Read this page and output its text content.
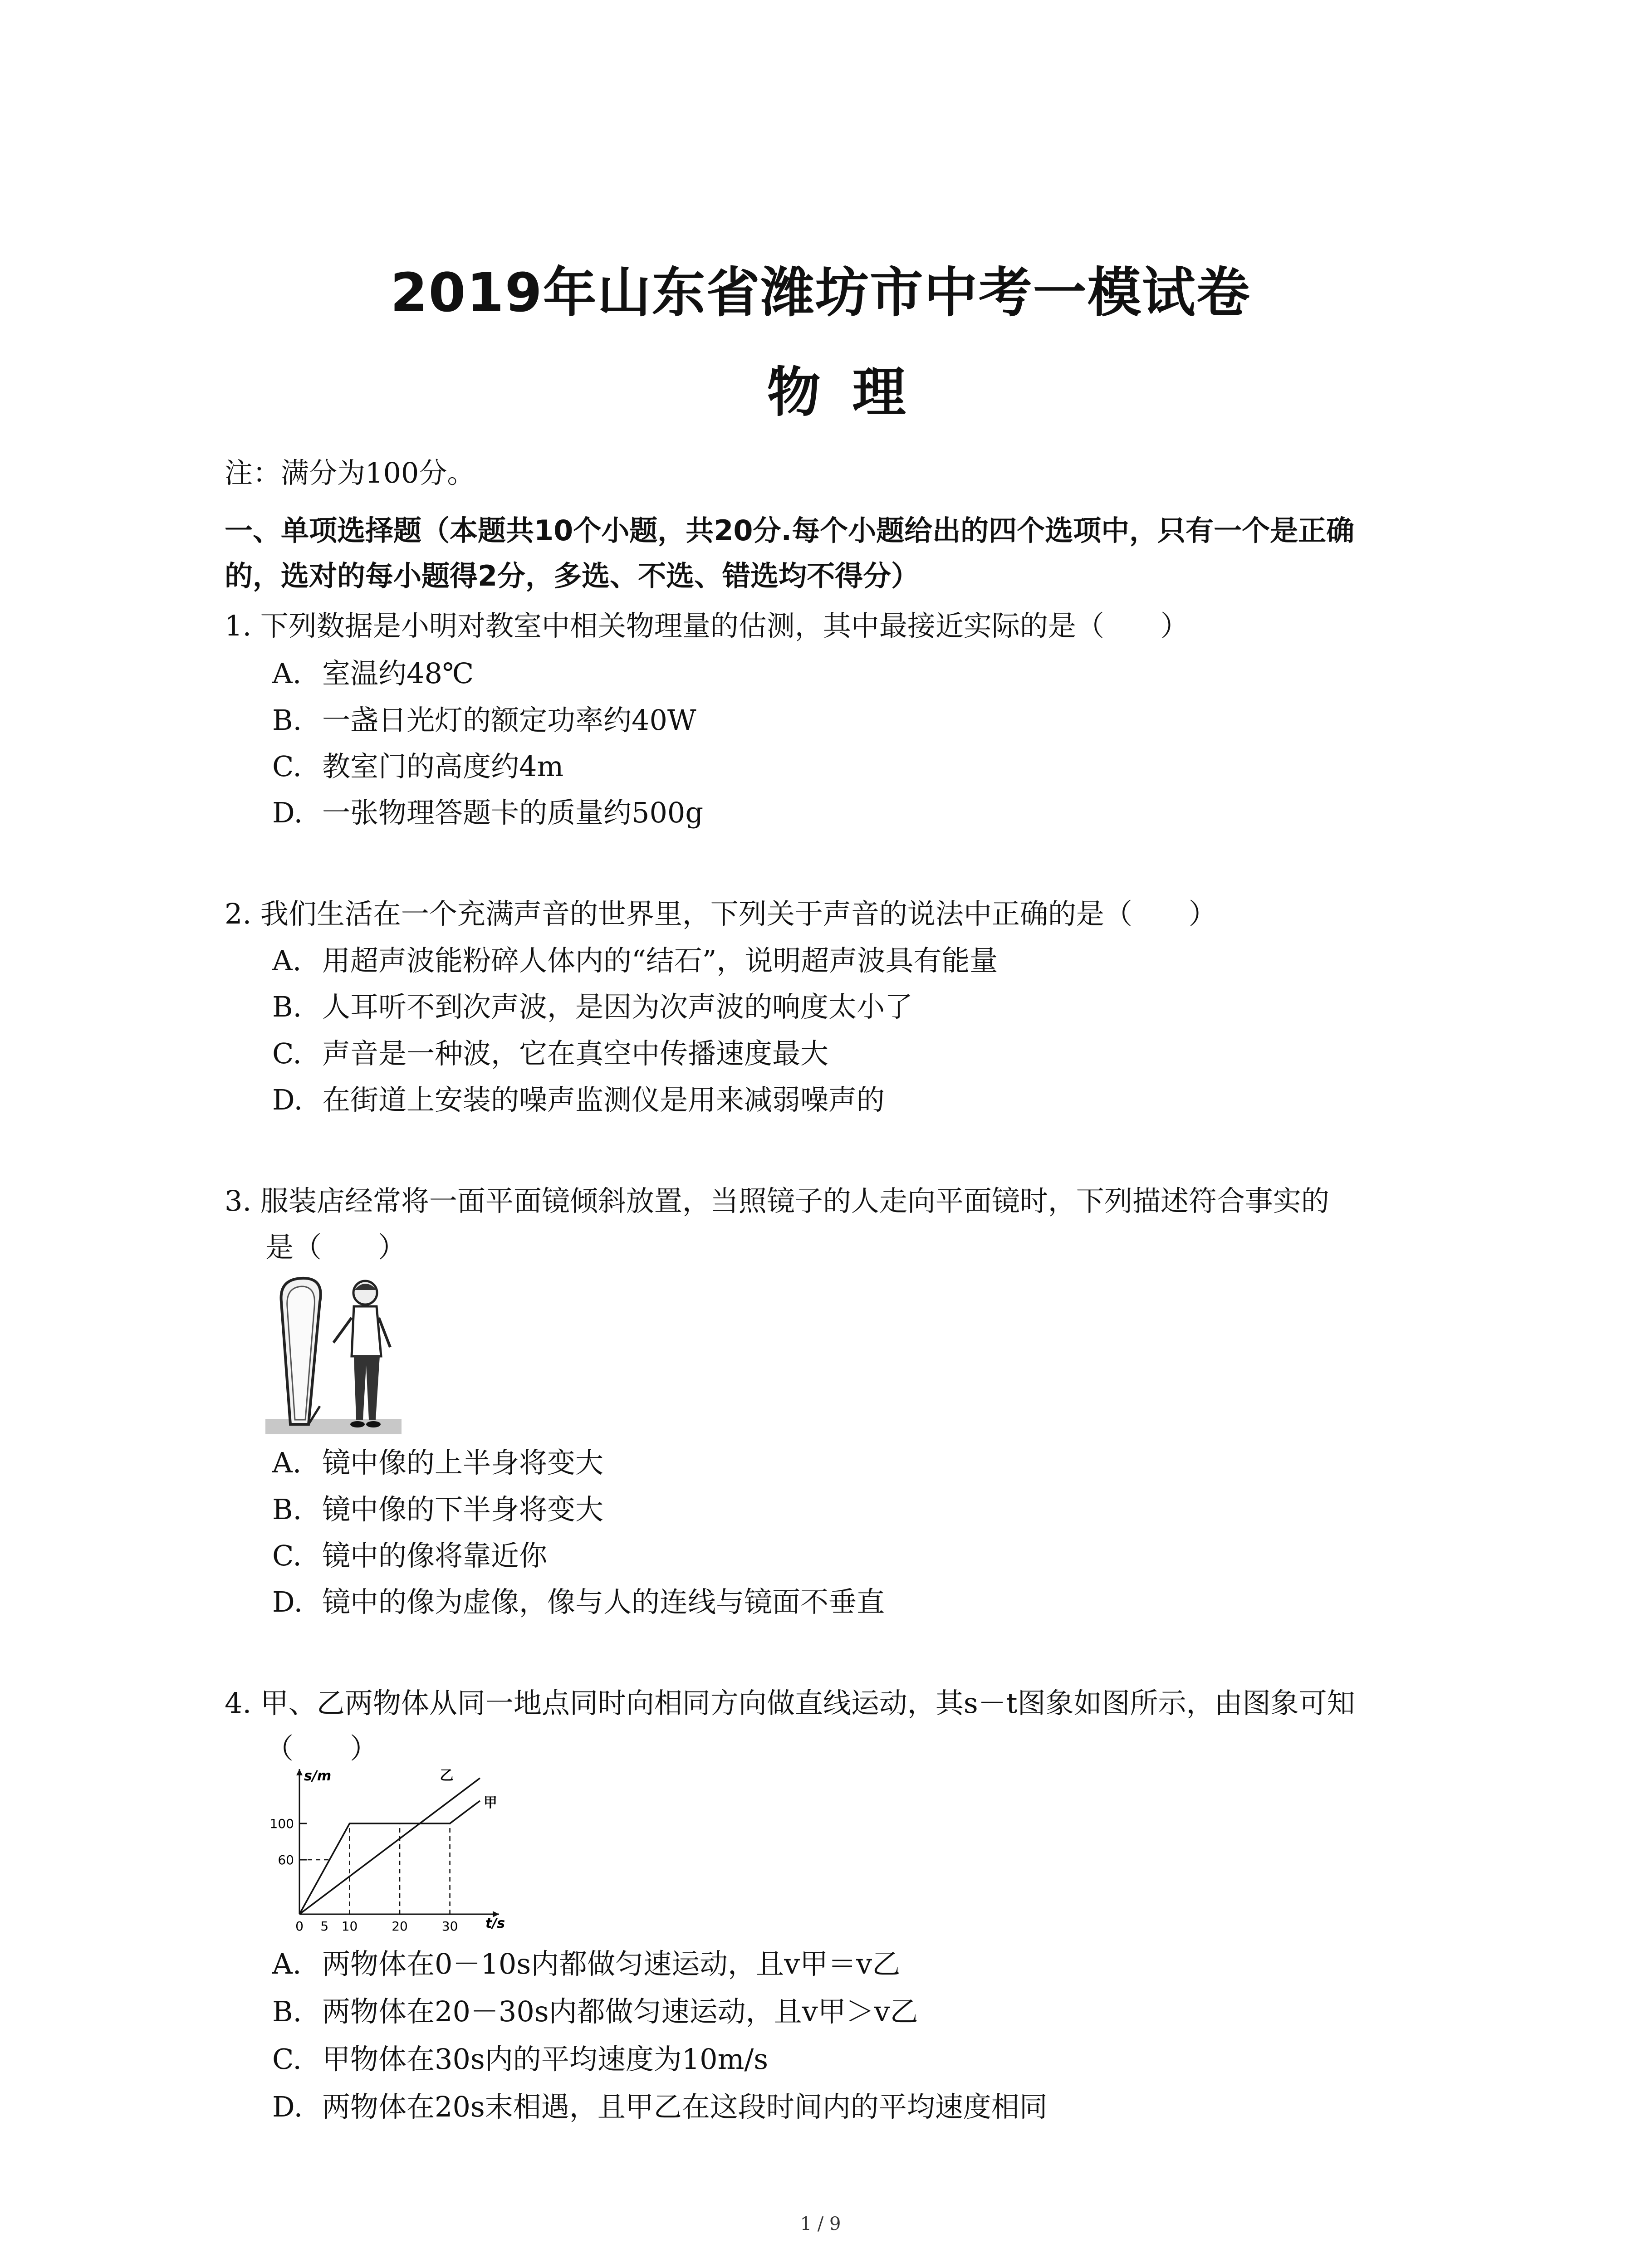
2019年山东省潍坊市中考一模试卷
物理
注：满分为100分。
一、单项选择题（本题共10个小题，共20分.每个小题给出的四个选项中，只有一个是正确
的，选对的每小题得2分，多选、不选、错选均不得分）
1. 下列数据是小明对教室中相关物理量的估测，其中最接近实际的是（　　）
A. 室温约48℃
B. 一盏日光灯的额定功率约40W
C. 教室门的高度约4m
D. 一张物理答题卡的质量约500g
2. 我们生活在一个充满声音的世界里，下列关于声音的说法中正确的是（　　）
A. 用超声波能粉碎人体内的“结石”，说明超声波具有能量
B. 人耳听不到次声波，是因为次声波的响度太小了
C. 声音是一种波，它在真空中传播速度最大
D. 在街道上安装的噪声监测仪是用来减弱噪声的
3. 服装店经常将一面平面镜倾斜放置，当照镜子的人走向平面镜时，下列描述符合事实的
是（　　）
A. 镜中像的上半身将变大
B. 镜中像的下半身将变大
C. 镜中的像将靠近你
D. 镜中的像为虚像，像与人的连线与镜面不垂直
4. 甲、乙两物体从同一地点同时向相同方向做直线运动，其s－t图象如图所示，由图象可知
（　　）
s/m
t/s
0 5 10	20	30
60
100
甲
乙
A. 两物体在0－10s内都做匀速运动，且v甲＝v乙
B. 两物体在20－30s内都做匀速运动，且v甲＞v乙
C. 甲物体在30s内的平均速度为10m/s
D. 两物体在20s末相遇，且甲乙在这段时间内的平均速度相同
1 / 9
